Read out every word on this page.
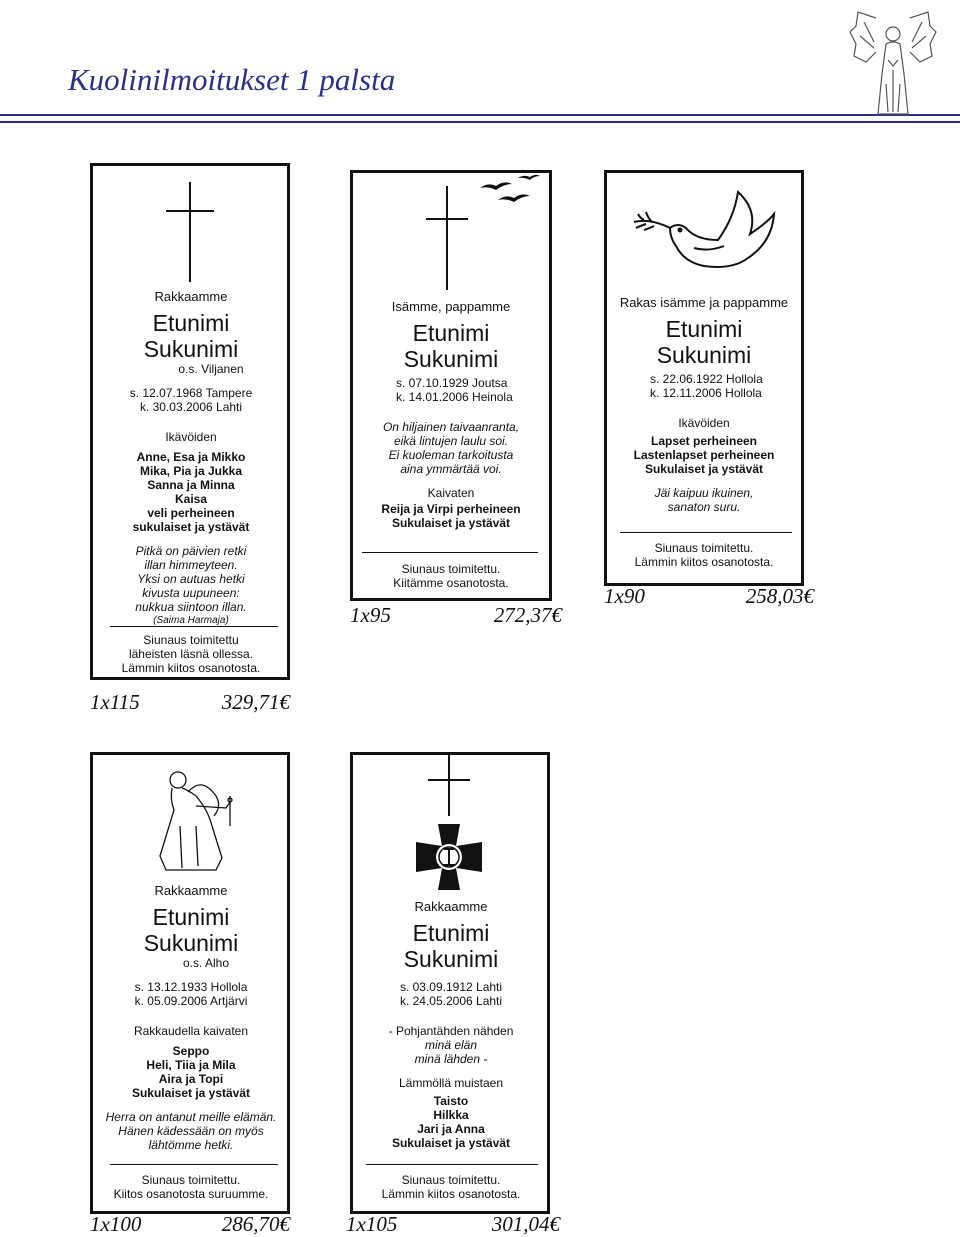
Kuolinilmoitukset 1 palsta

Rakkaamme

Etunimi

Sukunimi

o.s. Viljanen

s. 12.07.1968 Tampere

k. 30.03.2006 Lahti

Ikävöiden

Anne, Esa ja Mikko

Mika, Pia ja Jukka

Sanna ja Minna

Kaisa

veli perheineen

sukulaiset ja ystävät

Pitkä on päivien retki

illan himmeyteen.

Yksi on autuas hetki

kivusta uupuneen:

nukkua siintoon illan.

(Saima Harmaja)

Siunaus toimitettu

läheisten läsnä ollessa.

Lämmin kiitos osanotosta.

1x115	329,71€

Isämme, pappamme

Etunimi

Sukunimi

s. 07.10.1929 Joutsa

k. 14.01.2006 Heinola

On hiljainen taivaanranta,

eikä lintujen laulu soi.

Ei kuoleman tarkoitusta

aina ymmärtää voi.

Kaivaten

Reija ja Virpi perheineen

Sukulaiset ja ystävät

Siunaus toimitettu.

Kiitämme osanotosta.

1x95	272,37€

Rakas isämme ja pappamme

Etunimi

Sukunimi

s. 22.06.1922 Hollola

k. 12.11.2006 Hollola

Ikävöiden

Lapset perheineen

Lastenlapset perheineen

Sukulaiset ja ystävät

Jäi kaipuu ikuinen,

sanaton suru.

Siunaus toimitettu.

Lämmin kiitos osanotosta.

1x90	258,03€

Rakkaamme

Etunimi

Sukunimi

o.s. Alho

s. 13.12.1933 Hollola

k. 05.09.2006 Artjärvi

Rakkaudella kaivaten

Seppo

Heli, Tiia ja Mila

Aira ja Topi

Sukulaiset ja ystävät

Herra on antanut meille elämän.

Hänen kädessään on myös

lähtömme hetki.

Siunaus toimitettu.

Kiitos osanotosta suruumme.

1x100	286,70€

Rakkaamme

Etunimi

Sukunimi

s. 03.09.1912 Lahti

k. 24.05.2006 Lahti

- Pohjantähden nähden

minä elän

minä lähden -

Lämmöllä muistaen

Taisto

Hilkka

Jari ja Anna

Sukulaiset ja ystävät

Siunaus toimitettu.

Lämmin kiitos osanotosta.

1x105	301,04€
